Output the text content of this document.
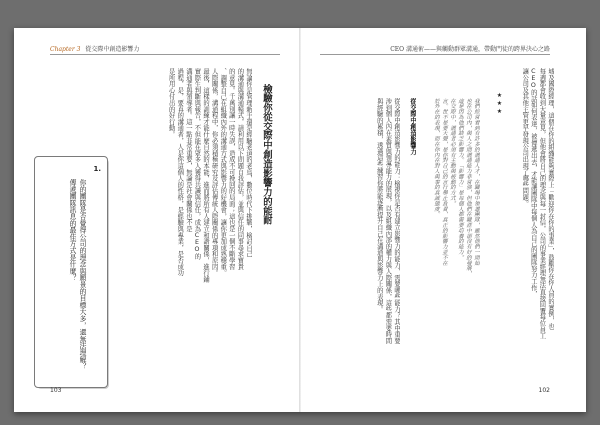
Chapter 3 從交際中創造影響力
檢驗你從交際中創造影響力的能耐
無論你是管理新手還是經驗老道的老鳥，數位時代下挑戰，檢討自己
的溝通與溝通模式，請利用以下問題自我評估，並與信任的同事尋求寶貴
的意見。千萬別讓一時失誤，造成不可挽回的局面；這也是一個不斷學習
、調整自己在組織內外的溝通方式與影響力的好機會，讓你更加成熟穩重。
人際關係，溝通程中，你必須積極研究及評估傳統人際關係的專項和原因。
最後，這樣的訓練才能什麼自然的本能，進而將所有人建立和諧關係，進行鋪
實際生判斷與報告，不但能在眾多人獲得共識與信任，成為CEO的
溝通者與領導者。這一點非常重要，無論是社會關係也不是
過程，是，要真的溝通者，人是你這個人的性格，是經驗與專業，是否成功
是所用心付出的好行動。
1.
你的團隊是否覺得公司的理念與願景的目標大多，還無法理解？
傳遞團隊訊息的最佳方式是什麼？
103
CEO 溝通術——與觸動群眾溝通，帶動門徒的跨界決心之路
城及國際經理，這個在你的組織能夠實際上「歡迎你在你的事業」，鼓勵你在你人員的實例，也
每週都會收到大量意見，但他會將自己的理念與每一封信，公司的事業經理無法直接回覆每位員工
CEO的話如何表達，被傳遞出去，才能讓團隊中每個人為自己的團隊努力工作，
讓公司及其他主管更早發現公司出現了哪些問題。
★★★
我們經常看到有許多的溝通人才，在職場中領導團隊，雖然他們一開始
也在公司內，與人之間溝通能力非常強，但他們在職涯中卻沒有好的發展，
這是因為他們缺乏影響力。「影響力」是每個人都需要培養的能力。
在交際中，溝通者必須有主動與被動的方式。
言。世不是要大聲，是你對自己的言行舉止負責，真正的影響力並不在
於外在的表現，而在你內在對人與事的真誠態度。
從交際中創造影響力
從交際中創造影響力的能力：檢視你是否有建立影響力的能力，需要哪些能力？其中重要
涉到個人內在素質與領導能力的展現，以及組織內部的權力與人際關係，這些都需要時間
與經驗的累積，透過這些練習你將能逐漸提升自己在溝通與影響力上的表現。
102
